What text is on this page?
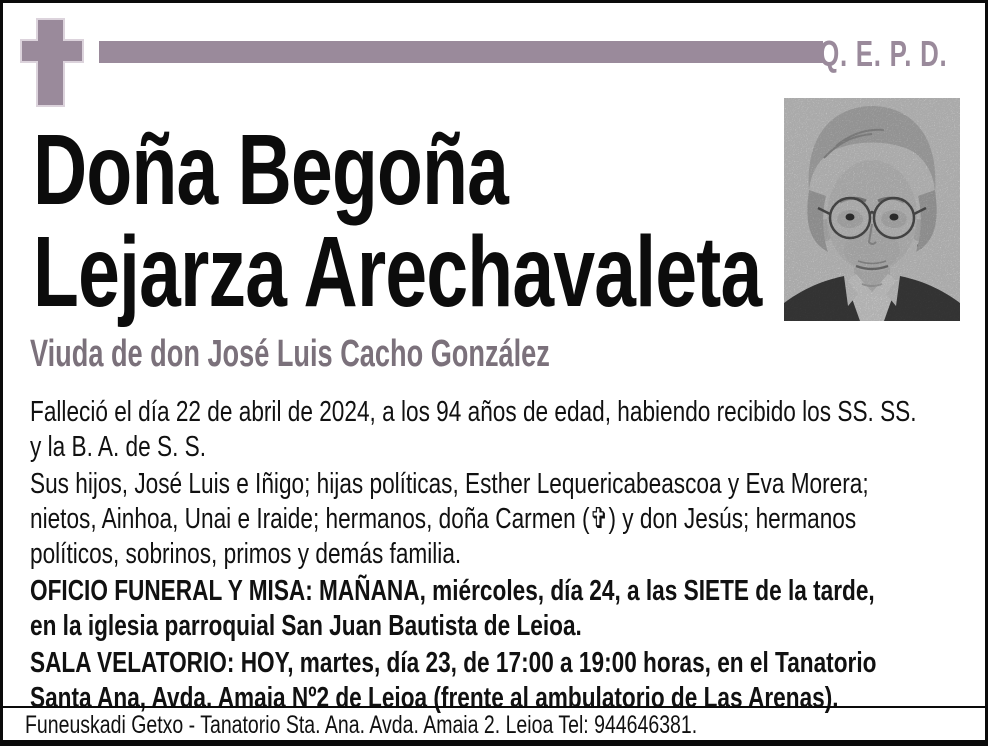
Q. E. P. D.
Doña Begoña
Lejarza Arechavaleta
Viuda de don José Luis Cacho González
Falleció el día 22 de abril de 2024, a los 94 años de edad, habiendo recibido los SS. SS.
y la B. A. de S. S.
Sus hijos, José Luis e Iñigo; hijas políticas, Esther Lequericabeascoa y Eva Morera;
nietos, Ainhoa, Unai e Iraide; hermanos, doña Carmen (✞) y don Jesús; hermanos
políticos, sobrinos, primos y demás familia.
OFICIO FUNERAL Y MISA: MAÑANA, miércoles, día 24, a las SIETE de la tarde,
en la iglesia parroquial San Juan Bautista de Leioa.
SALA VELATORIO: HOY, martes, día 23, de 17:00 a 19:00 horas, en el Tanatorio
Santa Ana, Avda. Amaia Nº2 de Leioa (frente al ambulatorio de Las Arenas).
Funeuskadi Getxo - Tanatorio Sta. Ana. Avda. Amaia 2. Leioa Tel: 944646381.
